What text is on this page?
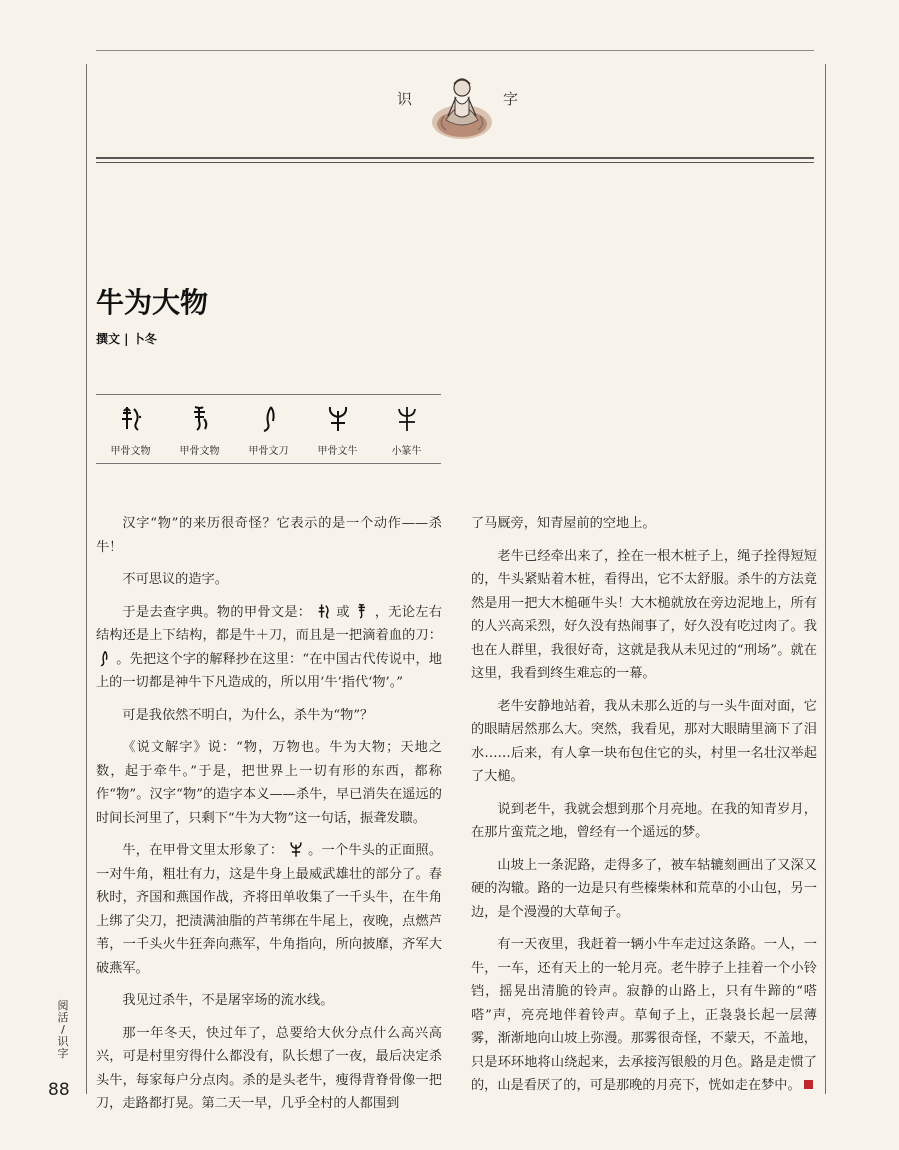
识	字
牛为大物
撰文 | 卜冬
甲骨文物	甲骨文物	甲骨文刀	甲骨文牛	小篆牛

汉字“物”的来历很奇怪？它表示的是一个动作——杀牛！

不可思议的造字。

于是去查字典。物的甲骨文是： 或 ，无论左右结构还是上下结构，都是牛＋刀，而且是一把滴着血的刀：  。先把这个字的解释抄在这里：“在中国古代传说中，地上的一切都是神牛下凡造成的，所以用‘牛’指代‘物’。”

可是我依然不明白，为什么，杀牛为“物”？

《说文解字》说：“物，万物也。牛为大物；天地之数，起于牵牛。”于是，把世界上一切有形的东西，都称作“物”。汉字“物”的造字本义——杀牛，早已消失在遥远的时间长河里了，只剩下“牛为大物”这一句话，振聋发聩。

牛，在甲骨文里太形象了： 。一个牛头的正面照。一对牛角，粗壮有力，这是牛身上最威武雄壮的部分了。春秋时，齐国和燕国作战，齐将田单收集了一千头牛，在牛角上绑了尖刀，把渍满油脂的芦苇绑在牛尾上，夜晚，点燃芦苇，一千头火牛狂奔向燕军，牛角指向，所向披靡，齐军大破燕军。

我见过杀牛，不是屠宰场的流水线。

那一年冬天，快过年了，总要给大伙分点什么高兴高兴，可是村里穷得什么都没有，队长想了一夜，最后决定杀头牛，每家每户分点肉。杀的是头老牛，瘦得背脊骨像一把刀，走路都打晃。第二天一早，几乎全村的人都围到

了马厩旁，知青屋前的空地上。

老牛已经牵出来了，拴在一根木桩子上，绳子拴得短短的，牛头紧贴着木桩，看得出，它不太舒服。杀牛的方法竟然是用一把大木槌砸牛头！大木槌就放在旁边泥地上，所有的人兴高采烈，好久没有热闹事了，好久没有吃过肉了。我也在人群里，我很好奇，这就是我从未见过的“刑场”。就在这里，我看到终生难忘的一幕。

老牛安静地站着，我从未那么近的与一头牛面对面，它的眼睛居然那么大。突然，我看见，那对大眼睛里滴下了泪水……后来，有人拿一块布包住它的头，村里一名壮汉举起了大槌。

说到老牛，我就会想到那个月亮地。在我的知青岁月，在那片蛮荒之地，曾经有一个遥远的梦。

山坡上一条泥路，走得多了，被车轱辘刻画出了又深又硬的沟辙。路的一边是只有些榛柴林和荒草的小山包，另一边，是个漫漫的大草甸子。

有一天夜里，我赶着一辆小牛车走过这条路。一人，一牛，一车，还有天上的一轮月亮。老牛脖子上挂着一个小铃铛，摇晃出清脆的铃声。寂静的山路上，只有牛蹄的“嗒嗒”声，亮亮地伴着铃声。草甸子上，正袅袅长起一层薄雾，渐渐地向山坡上弥漫。那雾很奇怪，不蒙天，不盖地，只是环环地将山绕起来，去承接泻银般的月色。路是走惯了的，山是看厌了的，可是那晚的月亮下，恍如走在梦中。

阅活
/
识字
88
